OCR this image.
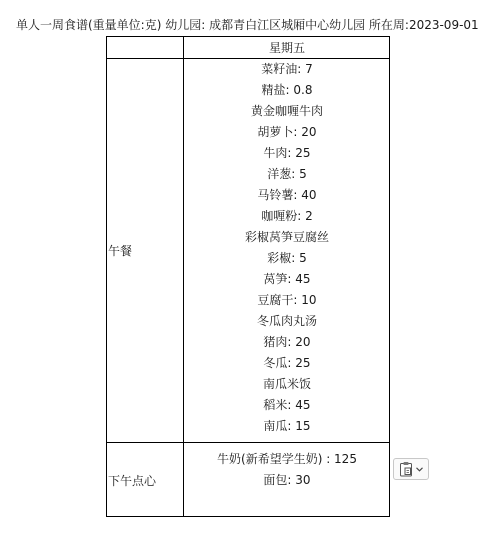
单人一周食谱(重量单位:克) 幼儿园: 成都青白江区城厢中心幼儿园 所在周:2023-09-01
星期五
午餐
下午点心
菜籽油: 7
精盐: 0.8
黄金咖喱牛肉
胡萝卜: 20
牛肉: 25
洋葱: 5
马铃薯: 40
咖喱粉: 2
彩椒莴笋豆腐丝
彩椒: 5
莴笋: 45
豆腐干: 10
冬瓜肉丸汤
猪肉: 20
冬瓜: 25
南瓜米饭
稻米: 45
南瓜: 15
牛奶(新希望学生奶) : 125
面包: 30
